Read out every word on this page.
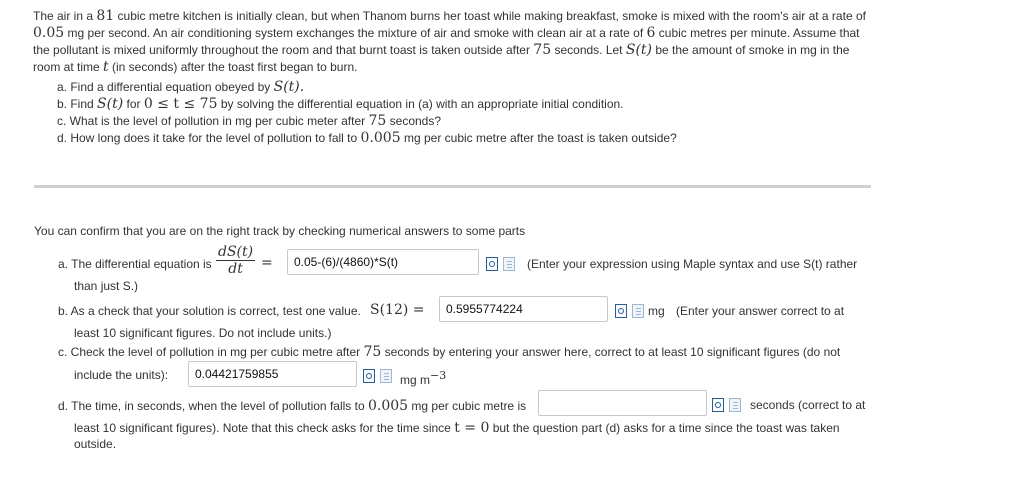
The air in a 81 cubic metre kitchen is initially clean, but when Thanom burns her toast while making breakfast, smoke is mixed with the room's air at a rate of 0.05 mg per second. An air conditioning system exchanges the mixture of air and smoke with clean air at a rate of 6 cubic metres per minute. Assume that the pollutant is mixed uniformly throughout the room and that burnt toast is taken outside after 75 seconds. Let S(t) be the amount of smoke in mg in the room at time t (in seconds) after the toast first began to burn.

a. Find a differential equation obeyed by S(t).
b. Find S(t) for 0 ≤ t ≤ 75 by solving the differential equation in (a) with an appropriate initial condition.
c. What is the level of pollution in mg per cubic meter after 75 seconds?
d. How long does it take for the level of pollution to fall to 0.005 mg per cubic metre after the toast is taken outside?
You can confirm that you are on the right track by checking numerical answers to some parts
a. The differential equation is $\frac{dS(t)}{dt}$ =	0.05-(6)/(4860)*S(t)	(Enter your expression using Maple syntax and use S(t) rather
than just S.)
b. As a check that your solution is correct, test one value. S(12) =	0.5955774224	mg (Enter your answer correct to at
least 10 significant figures. Do not include units.)
c. Check the level of pollution in mg per cubic metre after 75 seconds by entering your answer here, correct to at least 10 significant figures (do not
include the units):	0.04421759855	mg $m^{-3}$
d. The time, in seconds, when the level of pollution falls to 0.005 mg per cubic metre is	seconds (correct to at
least 10 significant figures). Note that this check asks for the time since t = 0 but the question part (d) asks for a time since the toast was taken
outside.
